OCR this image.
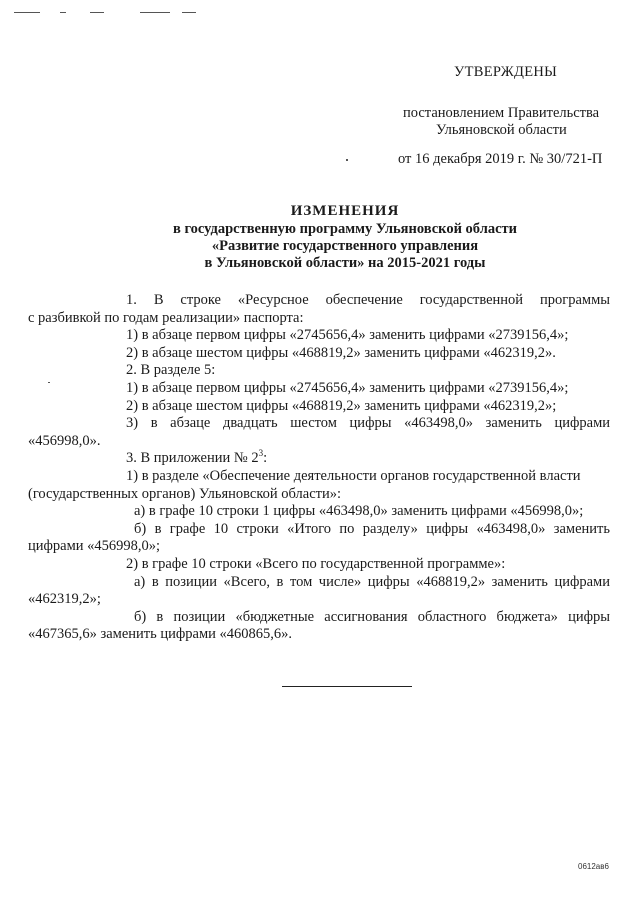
УТВЕРЖДЕНЫ
постановлением Правительства
Ульяновской области
от 16 декабря 2019 г. № 30/721-П
ИЗМЕНЕНИЯ
в государственную программу Ульяновской области
«Развитие государственного управления
в Ульяновской области» на 2015-2021 годы
1. В строке «Ресурсное обеспечение государственной программы
с разбивкой по годам реализации» паспорта:
1) в абзаце первом цифры «2745656,4» заменить цифрами «2739156,4»;
2) в абзаце шестом цифры «468819,2» заменить цифрами «462319,2».
2. В разделе 5:
1) в абзаце первом цифры «2745656,4» заменить цифрами «2739156,4»;
2) в абзаце шестом цифры «468819,2» заменить цифрами «462319,2»;
3) в абзаце двадцать шестом цифры «463498,0» заменить цифрами
«456998,0».
3. В приложении № $2^3$:
1) в разделе «Обеспечение деятельности органов государственной власти
(государственных органов) Ульяновской области»:
а) в графе 10 строки 1 цифры «463498,0» заменить цифрами «456998,0»;
б) в графе 10 строки «Итого по разделу» цифры «463498,0» заменить
цифрами «456998,0»;
2) в графе 10 строки «Всего по государственной программе»:
а) в позиции «Всего, в том числе» цифры «468819,2» заменить цифрами
«462319,2»;
б) в позиции «бюджетные ассигнования областного бюджета» цифры
«467365,6» заменить цифрами «460865,6».
0612ав6
